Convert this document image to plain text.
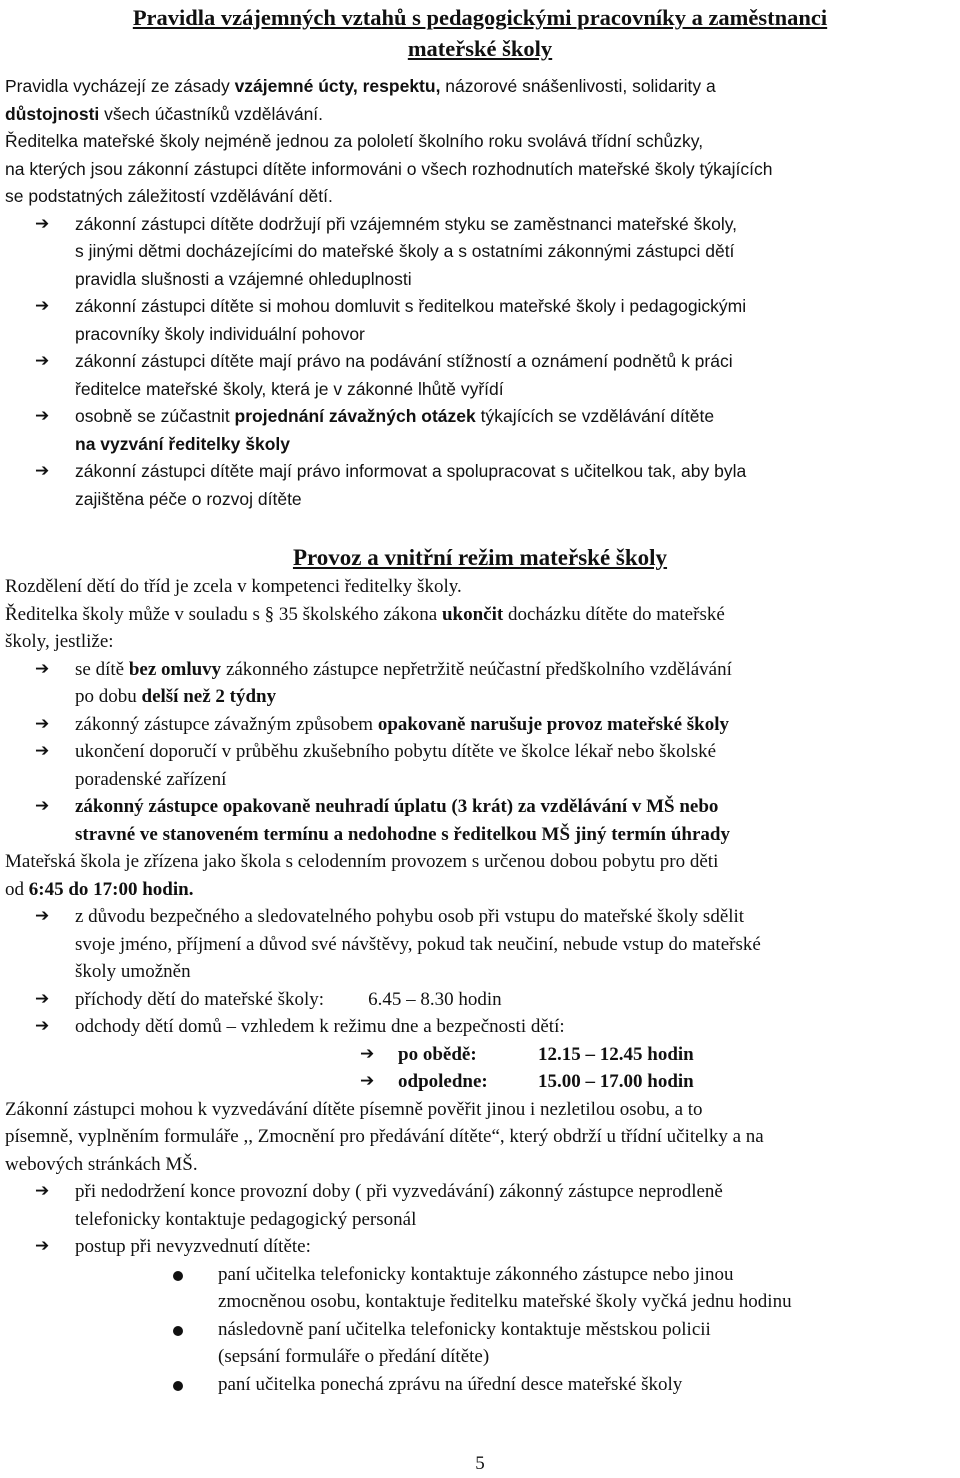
Pravidla vzájemných vztahů s pedagogickými pracovníky a zaměstnanci
mateřské školy

Pravidla vycházejí ze zásady vzájemné úcty, respektu, názorové snášenlivosti, solidarity a
důstojnosti všech účastníků vzdělávání.

Ředitelka mateřské školy nejméně jednou za pololetí školního roku svolává třídní schůzky,
na kterých jsou zákonní zástupci dítěte informováni o všech rozhodnutích mateřské školy týkajících
se podstatných záležitostí vzdělávání dětí.

➔ zákonní zástupci dítěte dodržují při vzájemném styku se zaměstnanci mateřské školy,
s jinými dětmi docházejícími do mateřské školy a s ostatními zákonnými zástupci dětí
pravidla slušnosti a vzájemné ohleduplnosti
➔ zákonní zástupci dítěte si mohou domluvit s ředitelkou mateřské školy i pedagogickými
pracovníky školy individuální pohovor
➔ zákonní zástupci dítěte mají právo na podávání stížností a oznámení podnětů k práci
ředitelce mateřské školy, která je v zákonné lhůtě vyřídí
➔ osobně se zúčastnit projednání závažných otázek týkajících se vzdělávání dítěte
na vyzvání ředitelky školy
➔ zákonní zástupci dítěte mají právo informovat a spolupracovat s učitelkou tak, aby byla
zajištěna péče o rozvoj dítěte

Provoz a vnitřní režim mateřské školy

Rozdělení dětí do tříd je zcela v kompetenci ředitelky školy.

Ředitelka školy může v souladu s § 35 školského zákona ukončit docházku dítěte do mateřské
školy, jestliže:

➔ se dítě bez omluvy zákonného zástupce nepřetržitě neúčastní předškolního vzdělávání
po dobu delší než 2 týdny
➔ zákonný zástupce závažným způsobem opakovaně narušuje provoz mateřské školy
➔ ukončení doporučí v průběhu zkušebního pobytu dítěte ve školce lékař nebo školské
poradenské zařízení
➔ zákonný zástupce opakovaně neuhradí úplatu (3 krát) za vzdělávání v MŠ nebo
stravné ve stanoveném termínu a nedohodne s ředitelkou MŠ jiný termín úhrady

Mateřská škola je zřízena jako škola s celodenním provozem s určenou dobou pobytu pro děti
od 6:45 do 17:00 hodin.

➔ z důvodu bezpečného a sledovatelného pohybu osob při vstupu do mateřské školy sdělit
svoje jméno, příjmení a důvod své návštěvy, pokud tak neučiní, nebude vstup do mateřské
školy umožněn
➔ příchody dětí do mateřské školy: 6.45 – 8.30 hodin
➔ odchody dětí domů – vzhledem k režimu dne a bezpečnosti dětí:
➔ po obědě:	12.15 – 12.45 hodin
➔ odpoledne:	15.00 – 17.00 hodin

Zákonní zástupci mohou k vyzvedávání dítěte písemně pověřit jinou i nezletilou osobu, a to
písemně, vyplněním formuláře ,, Zmocnění pro předávání dítěte“, který obdrží u třídní učitelky a na
webových stránkách MŠ.

➔ při nedodržení konce provozní doby ( při vyzvedávání) zákonný zástupce neprodleně
telefonicky kontaktuje pedagogický personál
➔ postup při nevyzvednutí dítěte:
paní učitelka telefonicky kontaktuje zákonného zástupce nebo jinou
zmocněnou osobu, kontaktuje ředitelku mateřské školy vyčká jednu hodinu
následovně paní učitelka telefonicky kontaktuje městskou policii
(sepsání formuláře o předání dítěte)
paní učitelka ponechá zprávu na úřední desce mateřské školy
5
